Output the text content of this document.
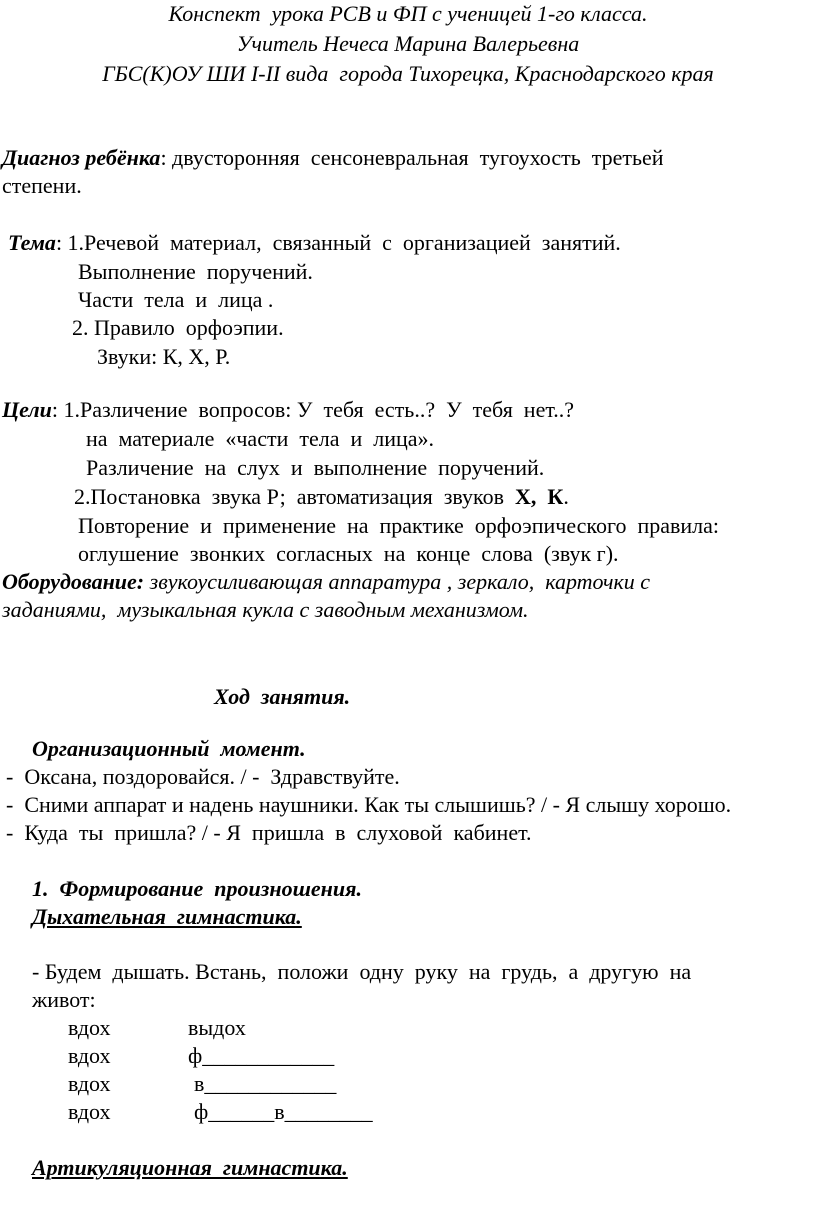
Конспект  урока РСВ и ФП с ученицей 1-го класса.
Учитель Нечеса Марина Валерьевна
ГБС(К)ОУ ШИ I-II вида  города Тихорецка, Краснодарского края
Диагноз ребёнка: двусторонняя  сенсоневральная  тугоухость  третьей
степени.
Тема: 1.Речевой  материал,  связанный  с  организацией  занятий.
Выполнение  поручений.
Части  тела  и  лица .
2. Правило  орфоэпии.
Звуки: К, Х, Р.
Цели: 1.Различение  вопросов: У  тебя  есть..?  У  тебя  нет..?
на  материале  «части  тела  и  лица».
Различение  на  слух  и  выполнение  поручений.
2.Постановка  звука Р;  автоматизация  звуков  Х,  К.
Повторение  и  применение  на  практике  орфоэпического  правила:
оглушение  звонких  согласных  на  конце  слова  (звук г).
Оборудование: звукоусиливающая аппаратура , зеркало,  карточки с
заданиями,  музыкальная кукла с заводным механизмом.
Ход  занятия.
Организационный  момент.
-  Оксана, поздоровайся. / -  Здравствуйте.
-  Сними аппарат и надень наушники. Как ты слышишь? / - Я слышу хорошо.
-  Куда  ты  пришла? / - Я  пришла  в  слуховой  кабинет.
1.  Формирование  произношения.
Дыхательная  гимнастика.
- Будем  дышать. Встань,  положи  одну  руку  на  грудь,  а  другую  на
живот:
вдох	выдох
вдох	ф____________
вдох	в____________
вдох	ф______в________
Артикуляционная  гимнастика.
